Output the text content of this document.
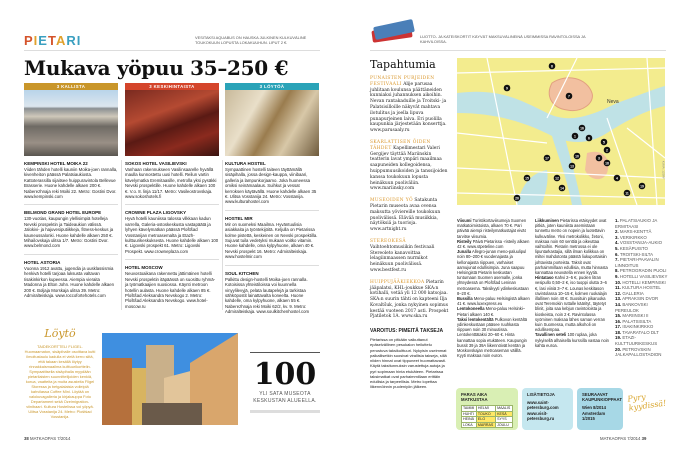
PIETARI	VESITAKSI AQUABUS ON HAUSKA JULKINEN KULKUVÄLINE TOUKOKUUN LOPUSTA LOKAKUUHUN. LIPUT 2 €.
Mukava yöpuu 35–250 €
3 KALLISTA
KEMPINSKI HOTEL MOIKA 22
Viiden tähden hotelli kauniin Moika-joen rannalla, kivenheiton päässä Palatsiaukiosta. Kattoterassilla sijaitsee huippuravintola Bellevue Brasserie. Huone kahdelle alkaen 200 €. Naberezhnaja reki Moiki 22. Metro: Gostini Dvor. www.kempinski.com
BELMOND GRAND HOTEL EUROPE
130-vuotias, kaupungin ylellisimpiä hotelleja Nevski prospektin ja Taideaukion välissä. Jalokivi- ja hajuvesiputiikkeja, fitness-keskus ja kauneussalonki. Huone kahdelle alkaen 250 €. Mihailovskaja ulitsa 1/7. Metro: Gostini Dvor. www.belmond.com
HOTEL ASTORIA
Vuonna 1912 avattu, jugendia ja uusklassismia henkivä hotelli tarjoaa luksusta valtavan Iisakinkirkon kupeessa. Aiempia vieraita Madonna ja Elton John. Huone kahdelle alkaen 200 €. Boljaja Morskaja ulitsa 39. Metro: Admiralteiskaja. www.roccofortehotels.com
3 KESKIHINTAISTA
SOKOS HOTEL VASILIEVSKI
Vanhaan rakennukseen Vasilinsaarelle hyvällä maulla kunnostettu uusi hotelli. Reilun vartin kävelymatka Eremitaasille, metrolla yksi pysäkki Nevski prospektille. Huone kahdelle alkaen 100 €. V.o. 8. linja 11/17. Metro: Vasileostrovskaja. www.sokoshotels.fi
CROWNE PLAZA LIGOVSKY
Hyvä hotelli kauniissa talossa vilkkaan kadun varrella, Galeria-ostoskeskusta vastapäätä ja lyhyen kävelymatkan päässä Ploštšad Vosstanijan metroasemalta ja Etazh-kulttuurikeskuksesta. Huone kahdelle alkaen 100 €. Ligovski prospekt 61. Metro: Ligovski Prospekt. www.crowneplaza.com
HOTEL MOSCOW
Neuvostoaikana rakennettu jättimäinen hotelli Nevski prospektin itäpäässä on suosittu ryhmä- ja työmatkaajien suosiossa. Käynti metroon hotellin aulasta. Huone kahdelle alkaen 85 €. Ploštšad Aleksandra Nevskogo 2. Metro: Ploštšad Aleksandra Nevskogo. www.hotel-moscow.ru
3 LÖYTÖÄ
KULTURA HOSTEL
Sympaattinen hostelli taiteen täyttämällä sisäpihalla, jossa design-kauppa, viinibaari, galleria ja lampunkorjaamo. Joka huoneessa omiksi seinämaalaus. Suihkut ja vessat kerroksen käytävällä. Huone kahdelle alkaen 35 €. Ulitsa Vosstanija 24. Metro: Vosstanija. www.kulturahostel.com
HOSTEL MIR
Mir on suomeksi Maailma. Hyväntuulisia asiakkaita ja työntekijöitä. Keljulla on Pietarissa kolme pistettä, keskeinen on Nevski prospektilla. Sujuvat tuila vedetyksi mukaan voitko vitamin. Huone kahdelle, oma kylpyhuone, alkaen 40 €. Nevski prospekt 16. Metro: Admiralteiskaja. www.hostelmir.com
SOUL KITCHEN
Palkittu design-hostelli Moika-joen rannalla. Kotoisissa yhteistiloissa voi kuunnella vinyylilevyjä, pelata lautapelejä ja tarkistaa sähköpostit lainattavalta koneelta. Huone kahdelle, oma kylpyhuone, alkaen 55 €. Naberezhnaja reki Moiki 62/2, kv. 9. Metro: Admiralteiskaja. www.soulkitchenhostel.com
Löytö
TAIDEKORTTELI FLIGEL. Huomaamaton, sisäpihalle osoittava kutti ilmoitustaulu kadulla ei vielä kerro siitä, että takaan kesällä löytyy rinnakkaismaailma kulttuurikorttelin. Sympaattisella sisäpihalla myydään pietarilaisten suunnittelijoiden kenkiä, korua, vaatteita ja muita asusteita Fligel Storessa ja betgalalaisia voileipiä kahvilassa Coffee Mini. Löytää on valokuvagalleria ja kirjakauppa Foto Departament sekä Ozeimigration-viinibaari. Kultura Hostelissa voi yöpyä. Ulitsa Vosstanija 24. Metro: Ploštšad Vosstanija.
100
YLI SATA MUSEOTA KESKUSTAN ALUEELLA.
38 MATKAOPAS 7/2014
LUOTTO- JA KATEISKORTIT KÄYVÄT MAKSUVÄLINEINÄ USEIMMISSA RAVINTOLOISSA JA KAHVILOISSA.
Tapahtumia

PUNAISTEN PURJEIDEN FESTIVAALI Alije parusaa juhlitaan koulunsa päättäneiden kunniaksi juhannuksen aikoihin. Nevan rantakaduille ja Troitski- ja Palatsisilloille näkyvät mahtava ilotulitus ja joella lipuva punapurjeinen laiva. Eri puolilla kaupunkia järjestetään konserttja. www.parusaaly.ru

SKARLATTISEN ÖIDEN TÄHDET Kapellimestari Valeri Gergijev täyttää Mariinskin teatterin lavat ympäri maailmaa saapuneiden kollegoidensa, huippumuusikoiden ja tanssijoiden kanssa toukokuun lopusta heinäkuun puoliväliin. www.mariinsky.com

MUSEOIDEN YÖ Satakunta Pietarin museota avaa ovensa maksutta yöviereille toukokuun puolivälissä. Elävää musiikkia, näytöksiä ja tuorioja. www.artnight.ru

STEREOKESÄ Vaihtoehtomusiikin festivaali Stereoleto kanavoittaa lelagiinmaassen nurmikot heinäkuun puolivälissä. www.bestfest.ru

HUIPPUJÄÄKIEKKOA Pietarin jääpalatsi, KHL-joukkue SKA:n kotihalli, vetää yli 12 000 katsojaa. SKA:n suurin tähti on kapteeni Ilja Kovaltšuk, jonka nykyinen sopimus kestää vuoteen 2017 asti. Prospekt Pjatiletok 1A. www.ska.ru

VAROITUS: PIMEITÄ TAKSEJA
Pietarissa on pitkään vaikuttanut epäselvällinen pesukalon heiluttelu perustuva taksikulttuuri. Nykyisin useimmat paikallisetkin suosivat virallisia takseja, sillä niiden hinnat ovat tippuneet huomattavasti. Käytä taksitunnuksin varustettuja autoja ja pyri sopimaan hinta etukäteen. Pietarissa taksimatkat ovat parhaimmillaan erittäin edullisia ja tarpeellisia. Metro lopettaa liikennöinnin puoleniyön jälkeen.
Neva
1
2
3
4
5
6
7
8
9
10
11
12
13
14
15
16
17
18
19
20
KUVA: 123RF

Viisumi Turistikortaviisumeja Suomen matkatoimistoista, alkaen 70 €. Pari päivää aiempi risteilymatkustajat eivät tarvitse viisumia.

Risteily Päivä Pietarissa -risteily alkaen 42 €. www.stpeteline.com

Junalla Allegro-junan meno-paluulipul noin 80–200 € vuodenajasta ja kellonajasta riippuen, varhaiset aamujunat edullisimpia. Juna saapuu Helsingistä Pietarin keskustan tuntumaan Suomen asemalle, jonka yhteydessä on Ploštšad Leninan metroasema. Taksikyyti ydinkeskustaan 8–20 €.

Bussilla Meno-paluu Helsingistä alkaen 41 €. www.luxexpress.eu

Lentokoneella Meno-paluu Helsinki–Pietari alkaen 140 €.

Taksi lentokentältä Pulkovon kentältä ydinkeskustaan pääsee ruuhkasta riippuen noin 30 minuutissa. Lentokenttätaksi 20–60 €. Hinta kannattaa sopia etukäteen. Kaupungin bussit 39 ja 39A liikennöivät kentän ja Moskovskajan metroaseman välillä. Kyyti maksaa noin euron.

Liikkuminen Pietarissa etäisyydet ovat pitkiä, joten kauniista asemistaan tunnettu metro on nopein ja luotettavin kulkuväline. Yksi metrokolikko, žetoni, maksaa noin 60 senttiä ja oikeuttaa vaihtoihin. Pietarin metrossa ei ole lipuntarkastajia, sillä ilman kolikkoa on miltei mahdotonta päästä liukuportaisiin johtavista porteista. Taksit ovat parhaimmillaan edullisia, mutta hinnasta kannattaa neuvotella ennen kyytiä.

Hintataso Kahvi 2–5 €, puolen litran vesipullo 0,50–2 €, iso tuoppi olutta 3–6 €, lasi viiniä 3–7 €. Lounas keskitason ravintolassa 10–15 €, kolmen ruokalajin illallinen noin 40 €. Suosituin pikaruoka ovat Teremokin ruttalle käärityt, täytetyt blinit, joita saa kebjun ravintoloista ja kioskeista, noin 2 €. Ravintolassa syöminen maksaa lähes saman verran kuin Suomessa, mutta alkoholi on edullisempaa.

Tavallinen seteli 100 ruplaa, joka nykyisellä alhaisella kurssilla vastaa noin kahta euroa.

1. PALATSIAUKIO JA ERMITAASI
2. MARS-KENTTÄ
3. VERIKIRKKO
4. VOSSTANIJA-AUKIO
5. KESÄPUISTO
6. TROITSKI-SILTA
7. PIETARI-PAAVALIN LINNOITUS
8. PETROGRADIN PUOLI
9. HOTELLI VASILIEVSKY
10. HOTELLI KEMPINSKI
11. KULTURA HOSTEL
12. GALLERIA
13. APRAKSIN DVOR
14. BANKOVSKI PEREULOK
15. MARIINSKI II
16. PALATSISILTA
17. ISAKINKIRKKO
18. TAVARATALO DLT
19. ETAZI-KULTTUURIKESKUS
20. PETROVSKIN JALKAPALLOSTADION
PARAS AIKA MATKUSTAA
TAMMI	HELMI	MAALIS
HUHTI	TOUKO	KESÄ
HEINÄ	ELO	SYYS
LOKA	MARRAS	JOULU
LISÄTIETOJA
www.saint-petersburg.com
www.visit-petersburg.ru
SEURAAVAT KAUPUNKIOPPAAT
Wien 8/2014
Amsterdam 1/2015
Pyry kyydissä!
MATKAOPAS 7/2014 39
